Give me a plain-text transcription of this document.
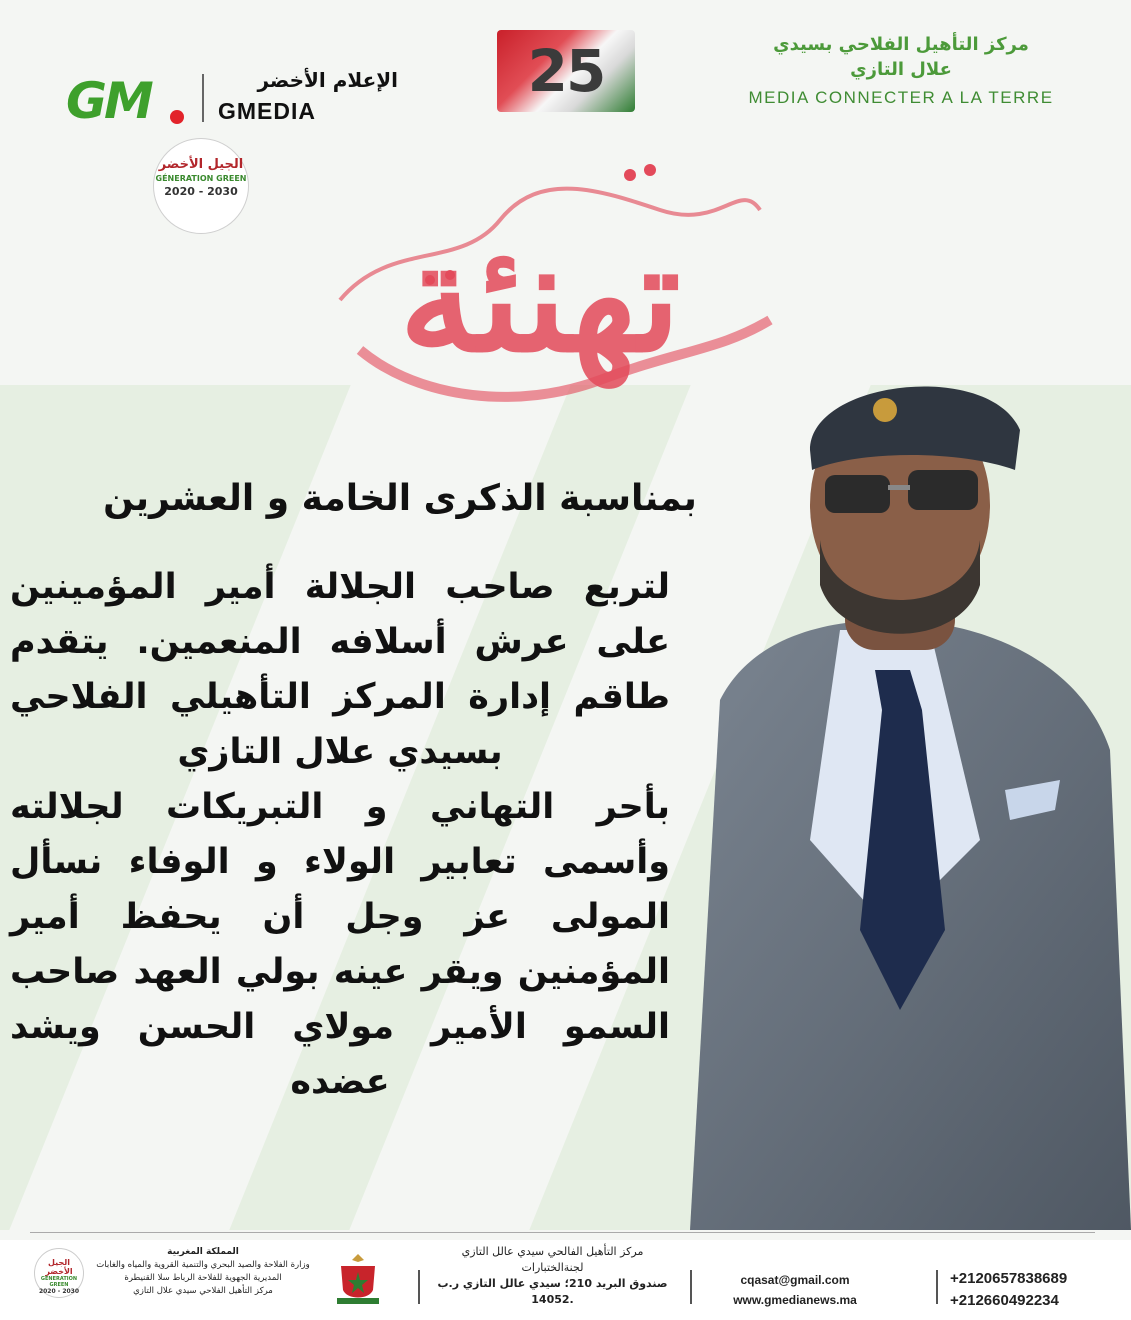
GM	الإعلام الأخضر
GMEDIA
25	مركز التأهيل الفلاحي بسيدي
علال التازي
MEDIA CONNECTER A LA TERRE
الجيل الأخضر
GÉNERATION GREEN
2020 - 2030
تهنئة
بمناسبة الذكرى الخامة و العشرين

لتربع صاحب الجلالة أمير المؤمينين على عرش أسلافه المنعمين. يتقدم طاقم إدارة المركز التأهيلي الفلاحي بسيدي علال التازي

بأحر التهاني و التبريكات لجلالته وأسمى تعابير الولاء و الوفاء نسأل المولى عز وجل أن يحفظ أمير المؤمنين ويقر عينه بولي العهد صاحب السمو الأمير مولاي الحسن ويشد عضده

الجيل الأخضر
GÉNERATION GREEN
2020 - 2030
المملكة المغربية
وزارة الفلاحة والصيد البحري والتنمية القروية والمياه والغابات
المديرية الجهوية للفلاحة الرباط سلا القنيطرة
مركز التأهيل الفلاحي سيدي علال التازي
مركز التأهيل الفالحي سيدي عالل التازي
لجنةالختبارات
صندوق البريد 210؛ سيدي عالل التازي ر.ب
14052.
cqasat@gmail.com
www.gmedianews.ma
+2120657838689
+212660492234
